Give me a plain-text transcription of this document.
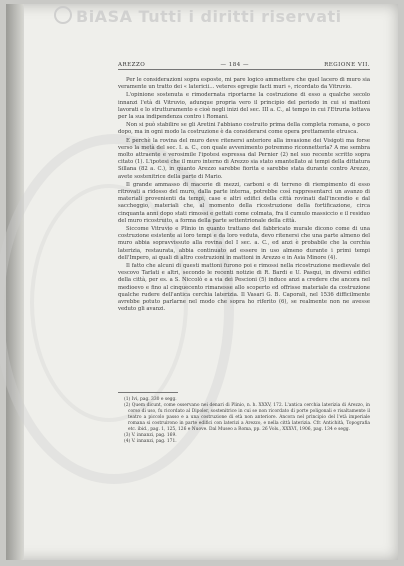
BiASA Tutti i diritti riservati
AREZZO	— 184 —	REGIONE VII.

Per le considerazioni sopra esposte, mi pare logico ammettere che quel lacero di muro sia veramente un tratto dei « latericii... veteres egregie facti muri », ricordato da Vitruvio.

L'opinione sostenuta e rimodernata riportarne la costruzione di esso a qualche secolo innanzi l'età di Vitruvio, adunque propria vero il principio del periodo in cui si mattoni lavorati e lo strutturamento e cioè negli inizi del sec. III a. C., al tempo in cui l'Etruria lottava per la sua indipendenza contro i Romani.

Non si può stabilire se gli Aretini l'abbiano costruito prima della completa romana, o poco dopo, ma in ogni modo la costruzione è da considerarsi come opera prettamente etrusca.

E perchè la rovina del muro deve ritenersi anteriore alla invasione dei Visigoti ma forse verso la metà del sec. I. a. C., con quale avvenimento potremmo riconnetterla? A me sembra molto attraente e verosimile l'ipotesi espressa dal Pernier (2) nel suo recente scritto sopra citato (1). L'ipotesi che il muro interno di Arezzo sia stato smantellato ai tempi della dittatura Sillana (82 a. C.), in quanto Arezzo sarebbe fiorita e sarebbe stata durante contro Arezzo, avete sostenitrice della parte di Mario.

Il grande ammasso di macerie di mezzi, carboni e di terreno di riempimento di esso ritrovati a ridosso del muro, dalla parte interna, potrebbe così rappresentarci un avanzo di materiali provenienti da tempi, case e altri edifici della città rovinati dall'incendio e dal saccheggio, materiali che, al momento della ricostruzione della fortificazione, circa cinquanta anni dopo stati rimossi e gettati come colmata, fra il cumulo massiccio e il residuo del muro ricostruito, a forma della parte settentrionale della città.

Siccome Vitruvio e Plinio in quanto trattano del fabbricato murale dicono come di una costruzione esistente ai loro tempi e da loro veduta, devo ritenersi che una parte almeno del muro abbia sopravvissuto alla rovina del I sec. a. C., ed anzi è probabile che la cerchia laterizia, restaurata, abbia continuato ad essere in uso almeno durante i primi tempi dell'Impero, ai quali di altro costruzioni in mattoni in Arezzo e in Asia Minore (4).

Il fatto che alcuni di questi mattoni furono poi e rimossi nella ricostruzione medievale del vescovo Tarlati e altri, secondo le recenti notizie di R. Bardi e U. Pasqui, in diversi edifici della città, per es. a S. Niccolò e a via dei Pescioni (5) induce anzi a credere che ancora nel medioevo e fino al cinquecento rimanesse allo scoperto ed offrisse materiale da costruzione qualche rudere dell'antica cerchia laterizia. Il Vasari G. B. Caporali, nel 1536 difficilmente avrebbe potuto parlarne nel modo che sopra ho riferito (6), se realmente non ne avesse veduto gli avanzi.

(1) Ivi, pag. 330 e segg.

(2) Quem dicunt, come osservano nei denari di Plinio, n. h. XXXV, 172. L'antica cerchia laterizia di Arezzo, in corso di uso, fu ricordato al Dipoler, sostenitrice in cui se non ricordato di porte poligonali e risaltamente il teatro a piccolo passo e a una costruzione di età non anteriore. Ancora nel principio del l'età imperiale romana si costruirono in parte edifici con laterizi a Arezzo, e nella città laterizia. Cfr. Antichità, Topografia etc. ibid., pag. 1, 125, 126 e Nuove. Dal Museo a Roma, pp. 26 Vols., XXXVI, 1906, pag. 134 e segg.

(3) V. innanzi, pag. 169.

(4) V. innanzi, pag. 171.
